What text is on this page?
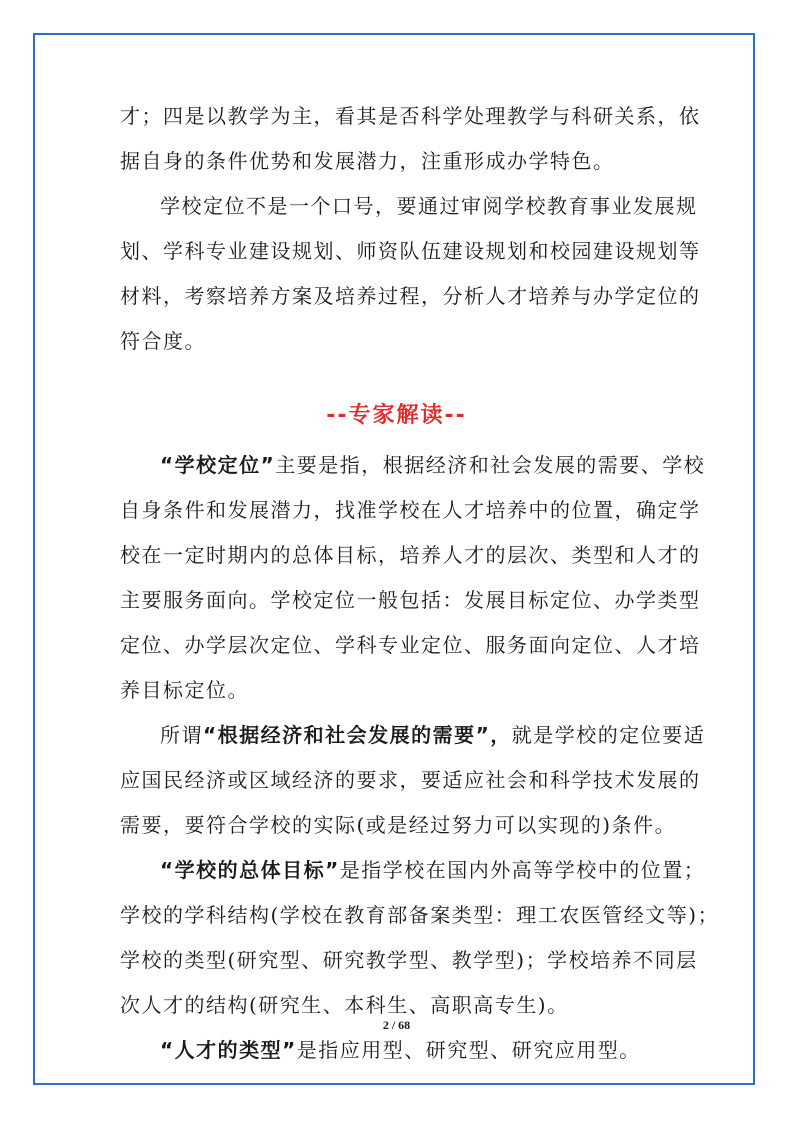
才；四是以教学为主，看其是否科学处理教学与科研关系，依
据自身的条件优势和发展潜力，注重形成办学特色。
学校定位不是一个口号，要通过审阅学校教育事业发展规
划、学科专业建设规划、师资队伍建设规划和校园建设规划等
材料，考察培养方案及培养过程，分析人才培养与办学定位的
符合度。
--专家解读--
“学校定位”主要是指，根据经济和社会发展的需要、学校
自身条件和发展潜力，找准学校在人才培养中的位置，确定学
校在一定时期内的总体目标，培养人才的层次、类型和人才的
主要服务面向。学校定位一般包括：发展目标定位、办学类型
定位、办学层次定位、学科专业定位、服务面向定位、人才培
养目标定位。
所谓“根据经济和社会发展的需要”，就是学校的定位要适
应国民经济或区域经济的要求，要适应社会和科学技术发展的
需要，要符合学校的实际(或是经过努力可以实现的)条件。
“学校的总体目标”是指学校在国内外高等学校中的位置；
学校的学科结构(学校在教育部备案类型：理工农医管经文等)；
学校的类型(研究型、研究教学型、教学型)；学校培养不同层
次人才的结构(研究生、本科生、高职高专生)。
“人才的类型”是指应用型、研究型、研究应用型。
2 / 68
